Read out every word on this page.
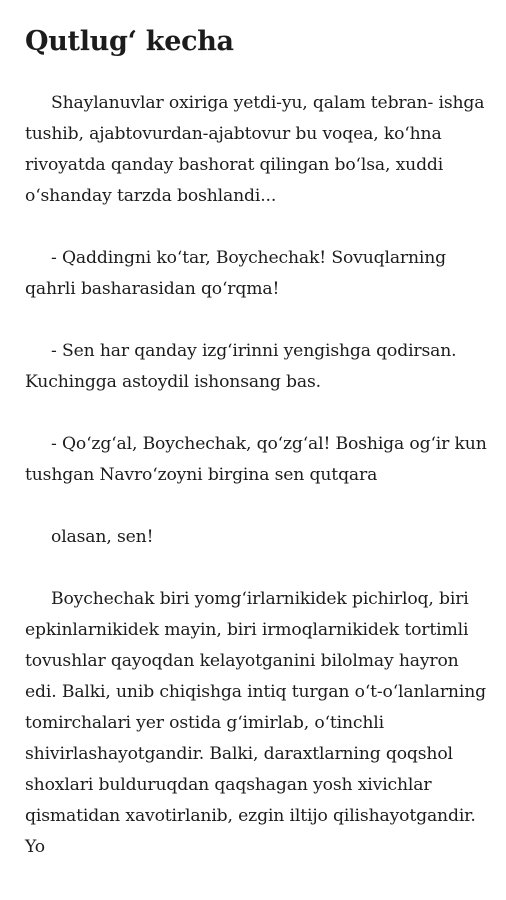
Qutlugʻ kecha

Shaylanuvlar oxiriga yetdi-yu, qalam tebran- ishga tushib, ajabtovurdan-ajabtovur bu voqea, koʻhna rivoyatda qanday bashorat qilingan boʻlsa, xuddi oʻshanday tarzda boshlandi...

- Qaddingni koʻtar, Boychechak! Sovuqlarning qahrli basharasidan qoʻrqma!

- Sen har qanday izgʻirinni yengishga qodirsan. Kuchingga astoydil ishonsang bas.

- Qoʻzgʻal, Boychechak, qoʻzgʻal! Boshiga ogʻir kun tushgan Navroʻzoyni birgina sen qutqara

olasan, sen!

Boychechak biri yomgʻirlarnikidek pichirloq, biri epkinlarnikidek mayin, biri irmoqlarnikidek tortimli tovushlar qayoqdan kelayotganini bilolmay hayron edi. Balki, unib chiqishga intiq turgan oʻt-oʻlanlarning tomirchalari yer ostida gʻimirlab, oʻtinchli shivirlashayotgandir. Balki, daraxtlarning qoqshol shoxlari bulduruqdan qaqshagan yosh xivichlar qismatidan xavotirlanib, ezgin iltijo qilishayotgandir. Yo
